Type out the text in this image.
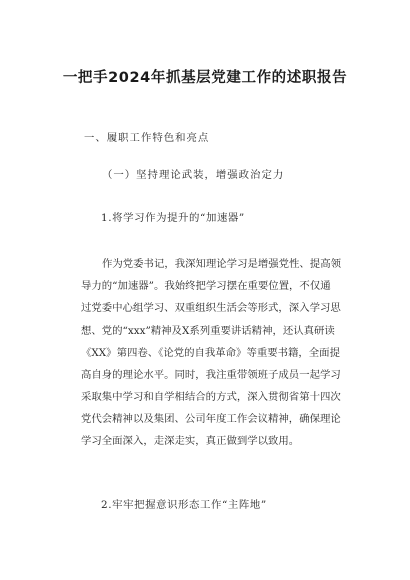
一把手2024年抓基层党建工作的述职报告
一、履职工作特色和亮点
（一）坚持理论武装，增强政治定力
1.将学习作为提升的“加速器”
作为党委书记，我深知理论学习是增强党性、提高领
导力的“加速器”。我始终把学习摆在重要位置，不仅通
过党委中心组学习、双重组织生活会等形式，深入学习思
想、党的“xxx”精神及X系列重要讲话精神，还认真研读
《XX》第四卷、《论党的自我革命》等重要书籍，全面提
高自身的理论水平。同时，我注重带领班子成员一起学习
采取集中学习和自学相结合的方式，深入贯彻省第十四次
党代会精神以及集团、公司年度工作会议精神，确保理论
学习全面深入，走深走实，真正做到学以致用。
2.牢牢把握意识形态工作“主阵地”
